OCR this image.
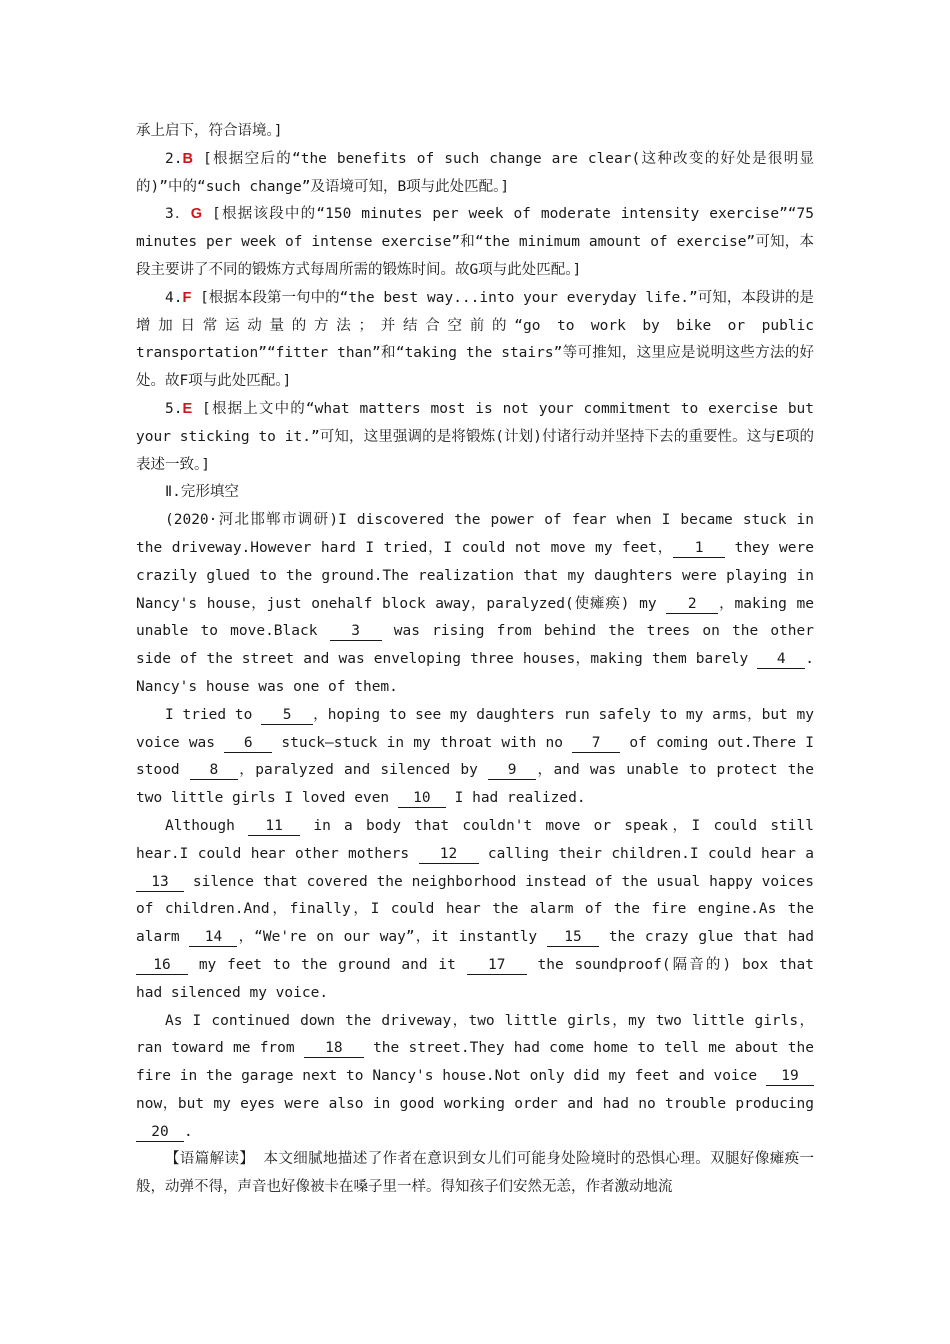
承上启下，符合语境。]

2.B [根据空后的“the benefits of such change are clear(这种改变的好处是很明显的)”中的“such change”及语境可知，B项与此处匹配。]

3．G [根据该段中的“150 minutes per week of moderate intensity exercise”“75 minutes per week of intense exercise”和“the minimum amount of exercise”可知，本段主要讲了不同的锻炼方式每周所需的锻炼时间。故G项与此处匹配。]

4.F [根据本段第一句中的“the best way...into your everyday life.”可知，本段讲的是增加日常运动量的方法；并结合空前的“go to work by bike or public transportation”“fitter than”和“taking the stairs”等可推知，这里应是说明这些方法的好处。故F项与此处匹配。]

5.E [根据上文中的“what matters most is not your commitment to exercise but your sticking to it.”可知，这里强调的是将锻炼(计划)付诸行动并坚持下去的重要性。这与E项的表述一致。]

Ⅱ.完形填空

(2020·河北邯郸市调研)I discovered the power of fear when I became stuck in the driveway.However hard I tried，I could not move my feet， 1 they were crazily glued to the ground.The realization that my daughters were playing in Nancy's house，just onehalf block away，paralyzed(使瘫痪) my 2 ，making me unable to move.Black 3 was rising from behind the trees on the other side of the street and was enveloping three houses，making them barely 4 . Nancy's house was one of them.

I tried to 5 ，hoping to see my daughters run safely to my arms，but my voice was 6 stuck—stuck in my throat with no 7 of coming out.There I stood 8 ，paralyzed and silenced by 9 ，and was unable to protect the two little girls I loved even 10 I had realized.

Although 11 in a body that couldn't move or speak，I could still hear.I could hear other mothers 12 calling their children.I could hear a 13 silence that covered the neighborhood instead of the usual happy voices of children.And，finally，I could hear the alarm of the fire engine.As the alarm 14 ，“We're on our way”，it instantly 15 the crazy glue that had 16 my feet to the ground and it 17 the soundproof(隔音的) box that had silenced my voice.

As I continued down the driveway，two little girls，my two little girls，ran toward me from 18 the street.They had come home to tell me about the fire in the garage next to Nancy's house.Not only did my feet and voice 19 now，but my eyes were also in good working order and had no trouble producing 20 .

【语篇解读】 本文细腻地描述了作者在意识到女儿们可能身处险境时的恐惧心理。双腿好像瘫痪一般，动弹不得，声音也好像被卡在嗓子里一样。得知孩子们安然无恙，作者激动地流
